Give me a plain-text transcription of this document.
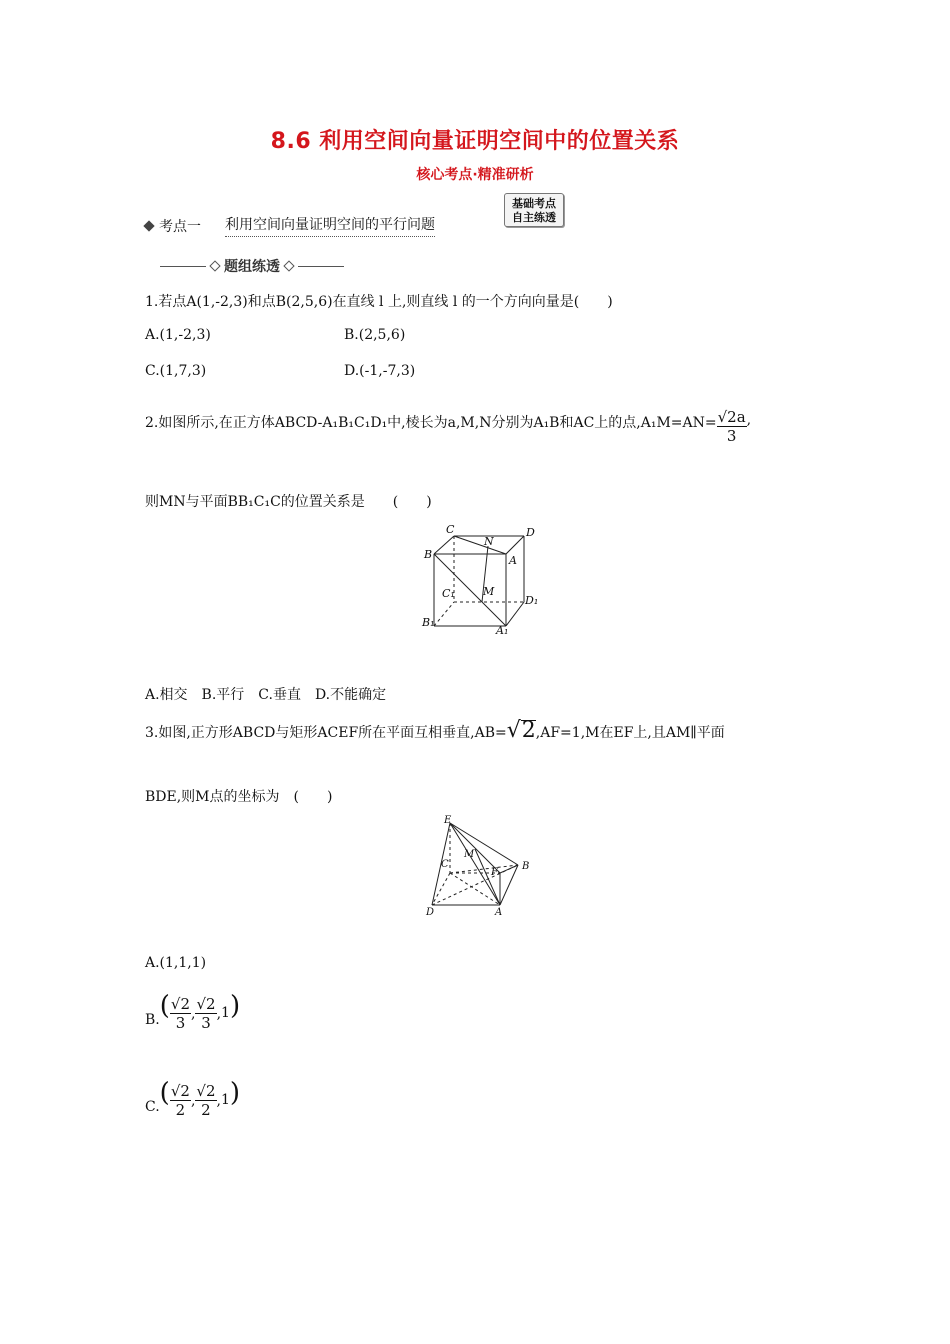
8.6 利用空间向量证明空间中的位置关系
核心考点·精准研析
考点一 利用空间向量证明空间的平行问题
基础考点
自主练透
题组练透
1.若点A(1,-2,3)和点B(2,5,6)在直线 l 上,则直线 l 的一个方向向量是(　　)
A.(1,-2,3)	B.(2,5,6)
C.(1,7,3)	D.(-1,-7,3)
2.如图所示,在正方体ABCD-A₁B₁C₁D₁中,棱长为a,M,N分别为A₁B和AC上的点$,A_1M=AN= \frac{√2a}{3}$ ,
则MN与平面BB₁C₁C的位置关系是　　(　　)
C
N
D
B	A
C₁	M
D₁
B₁
A₁
A.相交　B.平行　C.垂直　D.不能确定
3.如图,正方形ABCD与矩形ACEF所在平面互相垂直,AB= √2 ,AF=1,M在EF上,且AM∥平面
BDE,则M点的坐标为　(　　)
E
M
C
F
B
D	A
A.(1,1,1)
B. ( $\frac{√2}{3}$ , $\frac{√2}{3}$ , 1 )
C. ( $\frac{√2}{2}$ , $\frac{√2}{2}$ , 1 )
